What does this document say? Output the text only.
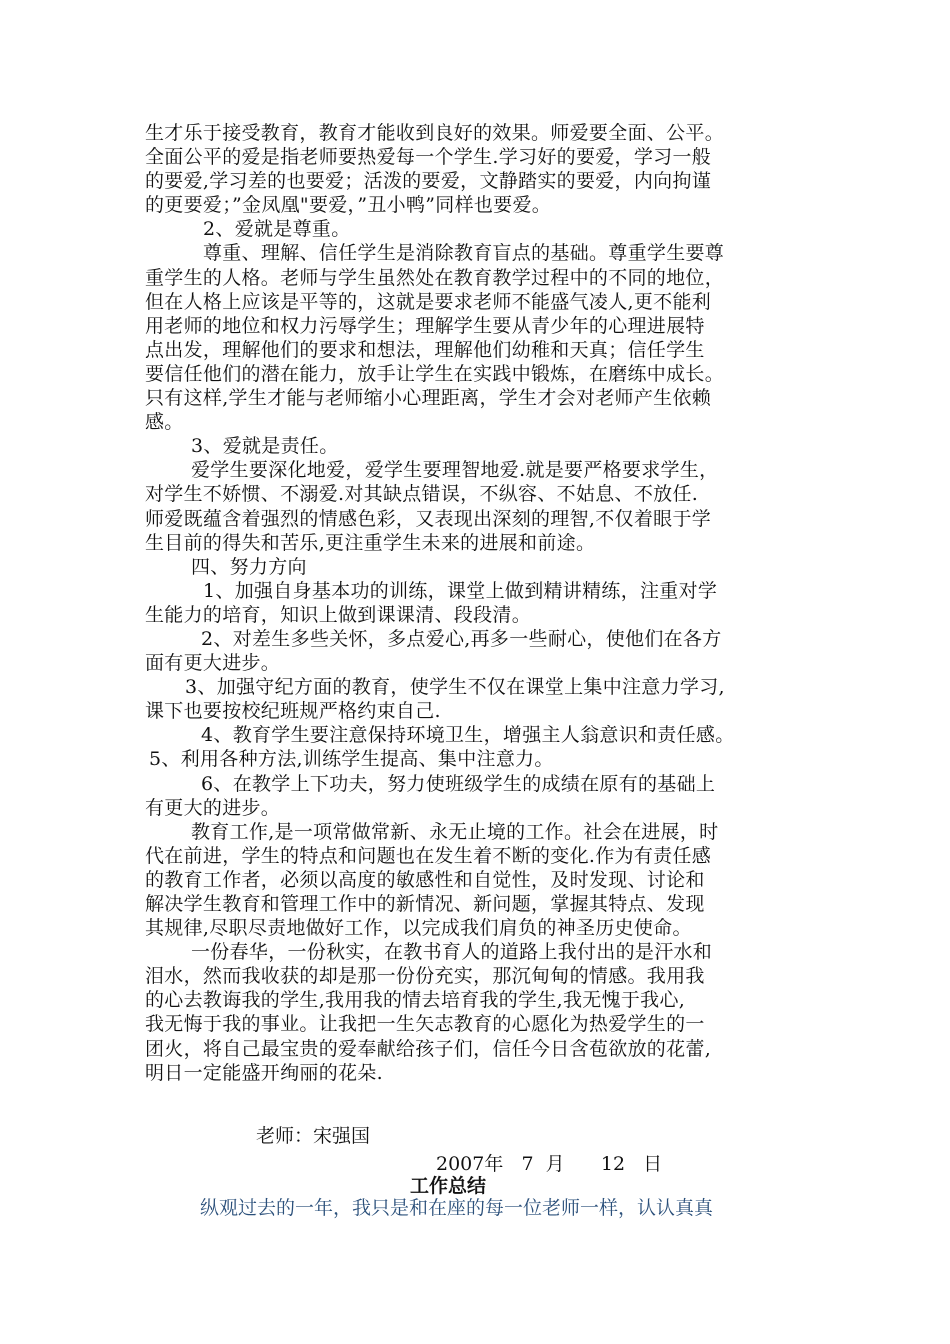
生才乐于接受教育，教育才能收到良好的效果。师爱要全面、公平。
全面公平的爱是指老师要热爱每一个学生.学习好的要爱，学习一般
的要爱,学习差的也要爱；活泼的要爱，文静踏实的要爱，内向拘谨
的更要爱；”金凤凰"要爱，”丑小鸭”同样也要爱。
2、爱就是尊重。
尊重、理解、信任学生是消除教育盲点的基础。尊重学生要尊
重学生的人格。老师与学生虽然处在教育教学过程中的不同的地位，
但在人格上应该是平等的，这就是要求老师不能盛气凌人,更不能利
用老师的地位和权力污辱学生；理解学生要从青少年的心理进展特
点出发，理解他们的要求和想法，理解他们幼稚和天真；信任学生
要信任他们的潜在能力，放手让学生在实践中锻炼，在磨练中成长。
只有这样,学生才能与老师缩小心理距离，学生才会对老师产生依赖
感。
3、爱就是责任。
爱学生要深化地爱，爱学生要理智地爱.就是要严格要求学生，
对学生不娇惯、不溺爱.对其缺点错误，不纵容、不姑息、不放任.
师爱既蕴含着强烈的情感色彩，又表现出深刻的理智,不仅着眼于学
生目前的得失和苦乐,更注重学生未来的进展和前途。
四、努力方向
1、加强自身基本功的训练，课堂上做到精讲精练，注重对学
生能力的培育，知识上做到课课清、段段清。
2、对差生多些关怀，多点爱心,再多一些耐心，使他们在各方
面有更大进步。
3、加强守纪方面的教育，使学生不仅在课堂上集中注意力学习,
课下也要按校纪班规严格约束自己.
4、教育学生要注意保持环境卫生，增强主人翁意识和责任感。
5、利用各种方法,训练学生提高、集中注意力。
6、在教学上下功夫，努力使班级学生的成绩在原有的基础上
有更大的进步。
教育工作,是一项常做常新、永无止境的工作。社会在进展，时
代在前进，学生的特点和问题也在发生着不断的变化.作为有责任感
的教育工作者，必须以高度的敏感性和自觉性，及时发现、讨论和
解决学生教育和管理工作中的新情况、新问题，掌握其特点、发现
其规律,尽职尽责地做好工作，以完成我们肩负的神圣历史使命。
一份春华，一份秋实，在教书育人的道路上我付出的是汗水和
泪水，然而我收获的却是那一份份充实，那沉甸甸的情感。我用我
的心去教诲我的学生,我用我的情去培育我的学生,我无愧于我心,
我无悔于我的事业。让我把一生矢志教育的心愿化为热爱学生的一
团火，将自己最宝贵的爱奉献给孩子们，信任今日含苞欲放的花蕾,
明日一定能盛开绚丽的花朵.
老师：宋强国
2007年   7  月      12   日
工作总结
纵观过去的一年，我只是和在座的每一位老师一样，认认真真
